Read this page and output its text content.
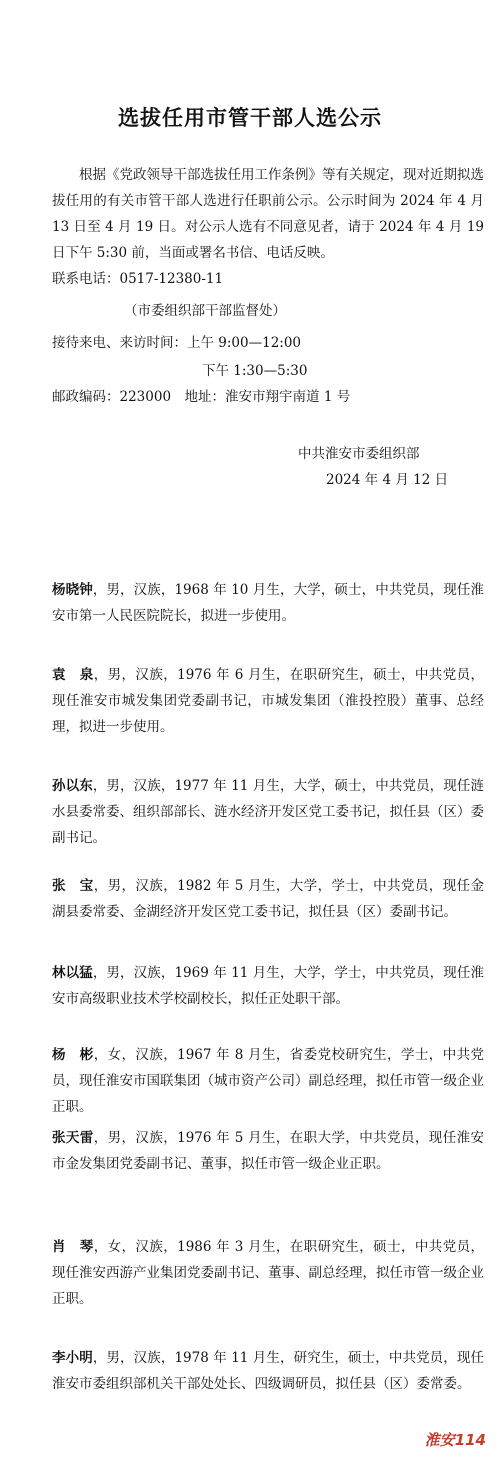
选拔任用市管干部人选公示
根据《党政领导干部选拔任用工作条例》等有关规定，现对近期拟选拔任用的有关市管干部人选进行任职前公示。公示时间为 2024 年 4 月 13 日至 4 月 19 日。对公示人选有不同意见者，请于 2024 年 4 月 19 日下午 5:30 前，当面或署名书信、电话反映。
联系电话：0517-12380-11
（市委组织部干部监督处）
接待来电、来访时间：上午 9:00—12:00
下午 1:30—5:30
邮政编码：223000　地址：淮安市翔宇南道 1 号
中共淮安市委组织部
2024 年 4 月 12 日
杨晓钟，男，汉族，1968 年 10 月生，大学，硕士，中共党员，现任淮安市第一人民医院院长，拟进一步使用。
袁　泉，男，汉族，1976 年 6 月生，在职研究生，硕士，中共党员，现任淮安市城发集团党委副书记，市城发集团（淮投控股）董事、总经理，拟进一步使用。
孙以东，男，汉族，1977 年 11 月生，大学，硕士，中共党员，现任涟水县委常委、组织部部长、涟水经济开发区党工委书记，拟任县（区）委副书记。
张　宝，男，汉族，1982 年 5 月生，大学，学士，中共党员，现任金湖县委常委、金湖经济开发区党工委书记，拟任县（区）委副书记。
林以猛，男，汉族，1969 年 11 月生，大学，学士，中共党员，现任淮安市高级职业技术学校副校长，拟任正处职干部。
杨　彬，女，汉族，1967 年 8 月生，省委党校研究生，学士，中共党员，现任淮安市国联集团（城市资产公司）副总经理，拟任市管一级企业正职。
张天雷，男，汉族，1976 年 5 月生，在职大学，中共党员，现任淮安市金发集团党委副书记、董事，拟任市管一级企业正职。
肖　琴，女，汉族，1986 年 3 月生，在职研究生，硕士，中共党员，现任淮安西游产业集团党委副书记、董事、副总经理，拟任市管一级企业正职。
李小明，男，汉族，1978 年 11 月生，研究生，硕士，中共党员，现任淮安市委组织部机关干部处处长、四级调研员，拟任县（区）委常委。
淮安114
